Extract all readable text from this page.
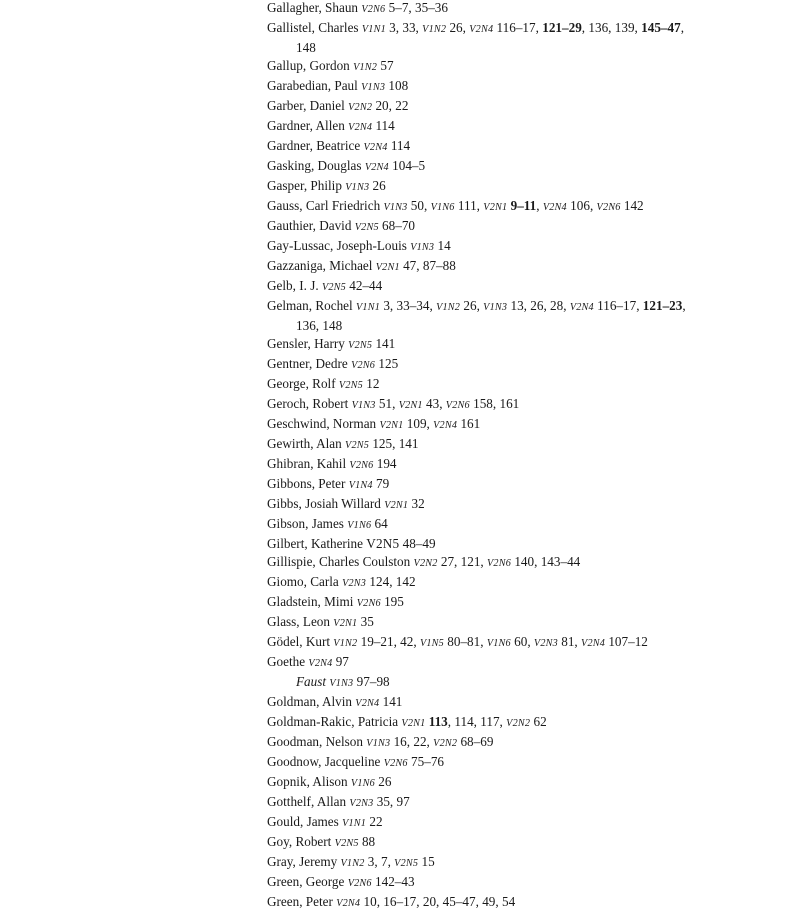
Gallagher, Shaun V2N6 5–7, 35–36
Gallistel, Charles V1N1 3, 33, V1N2 26, V2N4 116–17, 121–29, 136, 139, 145–47, 148
Gallup, Gordon V1N2 57
Garabedian, Paul V1N3 108
Garber, Daniel V2N2 20, 22
Gardner, Allen V2N4 114
Gardner, Beatrice V2N4 114
Gasking, Douglas V2N4 104–5
Gasper, Philip V1N3 26
Gauss, Carl Friedrich V1N3 50, V1N6 111, V2N1 9–11, V2N4 106, V2N6 142
Gauthier, David V2N5 68–70
Gay-Lussac, Joseph-Louis V1N3 14
Gazzaniga, Michael V2N1 47, 87–88
Gelb, I. J. V2N5 42–44
Gelman, Rochel V1N1 3, 33–34, V1N2 26, V1N3 13, 26, 28, V2N4 116–17, 121–23, 136, 148
Gensler, Harry V2N5 141
Gentner, Dedre V2N6 125
George, Rolf V2N5 12
Geroch, Robert V1N3 51, V2N1 43, V2N6 158, 161
Geschwind, Norman V2N1 109, V2N4 161
Gewirth, Alan V2N5 125, 141
Ghibran, Kahil V2N6 194
Gibbons, Peter V1N4 79
Gibbs, Josiah Willard V2N1 32
Gibson, James V1N6 64
Gilbert, Katherine V2N5 48–49
Gillispie, Charles Coulston V2N2 27, 121, V2N6 140, 143–44
Giomo, Carla V2N3 124, 142
Gladstein, Mimi V2N6 195
Glass, Leon V2N1 35
Gödel, Kurt V1N2 19–21, 42, V1N5 80–81, V1N6 60, V2N3 81, V2N4 107–12
Goethe V2N4 97
Faust V1N3 97–98
Goldman, Alvin V2N4 141
Goldman-Rakic, Patricia V2N1 113, 114, 117, V2N2 62
Goodman, Nelson V1N3 16, 22, V2N2 68–69
Goodnow, Jacqueline V2N6 75–76
Gopnik, Alison V1N6 26
Gotthelf, Allan V2N3 35, 97
Gould, James V1N1 22
Goy, Robert V2N5 88
Gray, Jeremy V1N2 3, 7, V2N5 15
Green, George V2N6 142–43
Green, Peter V2N4 10, 16–17, 20, 45–47, 49, 54
